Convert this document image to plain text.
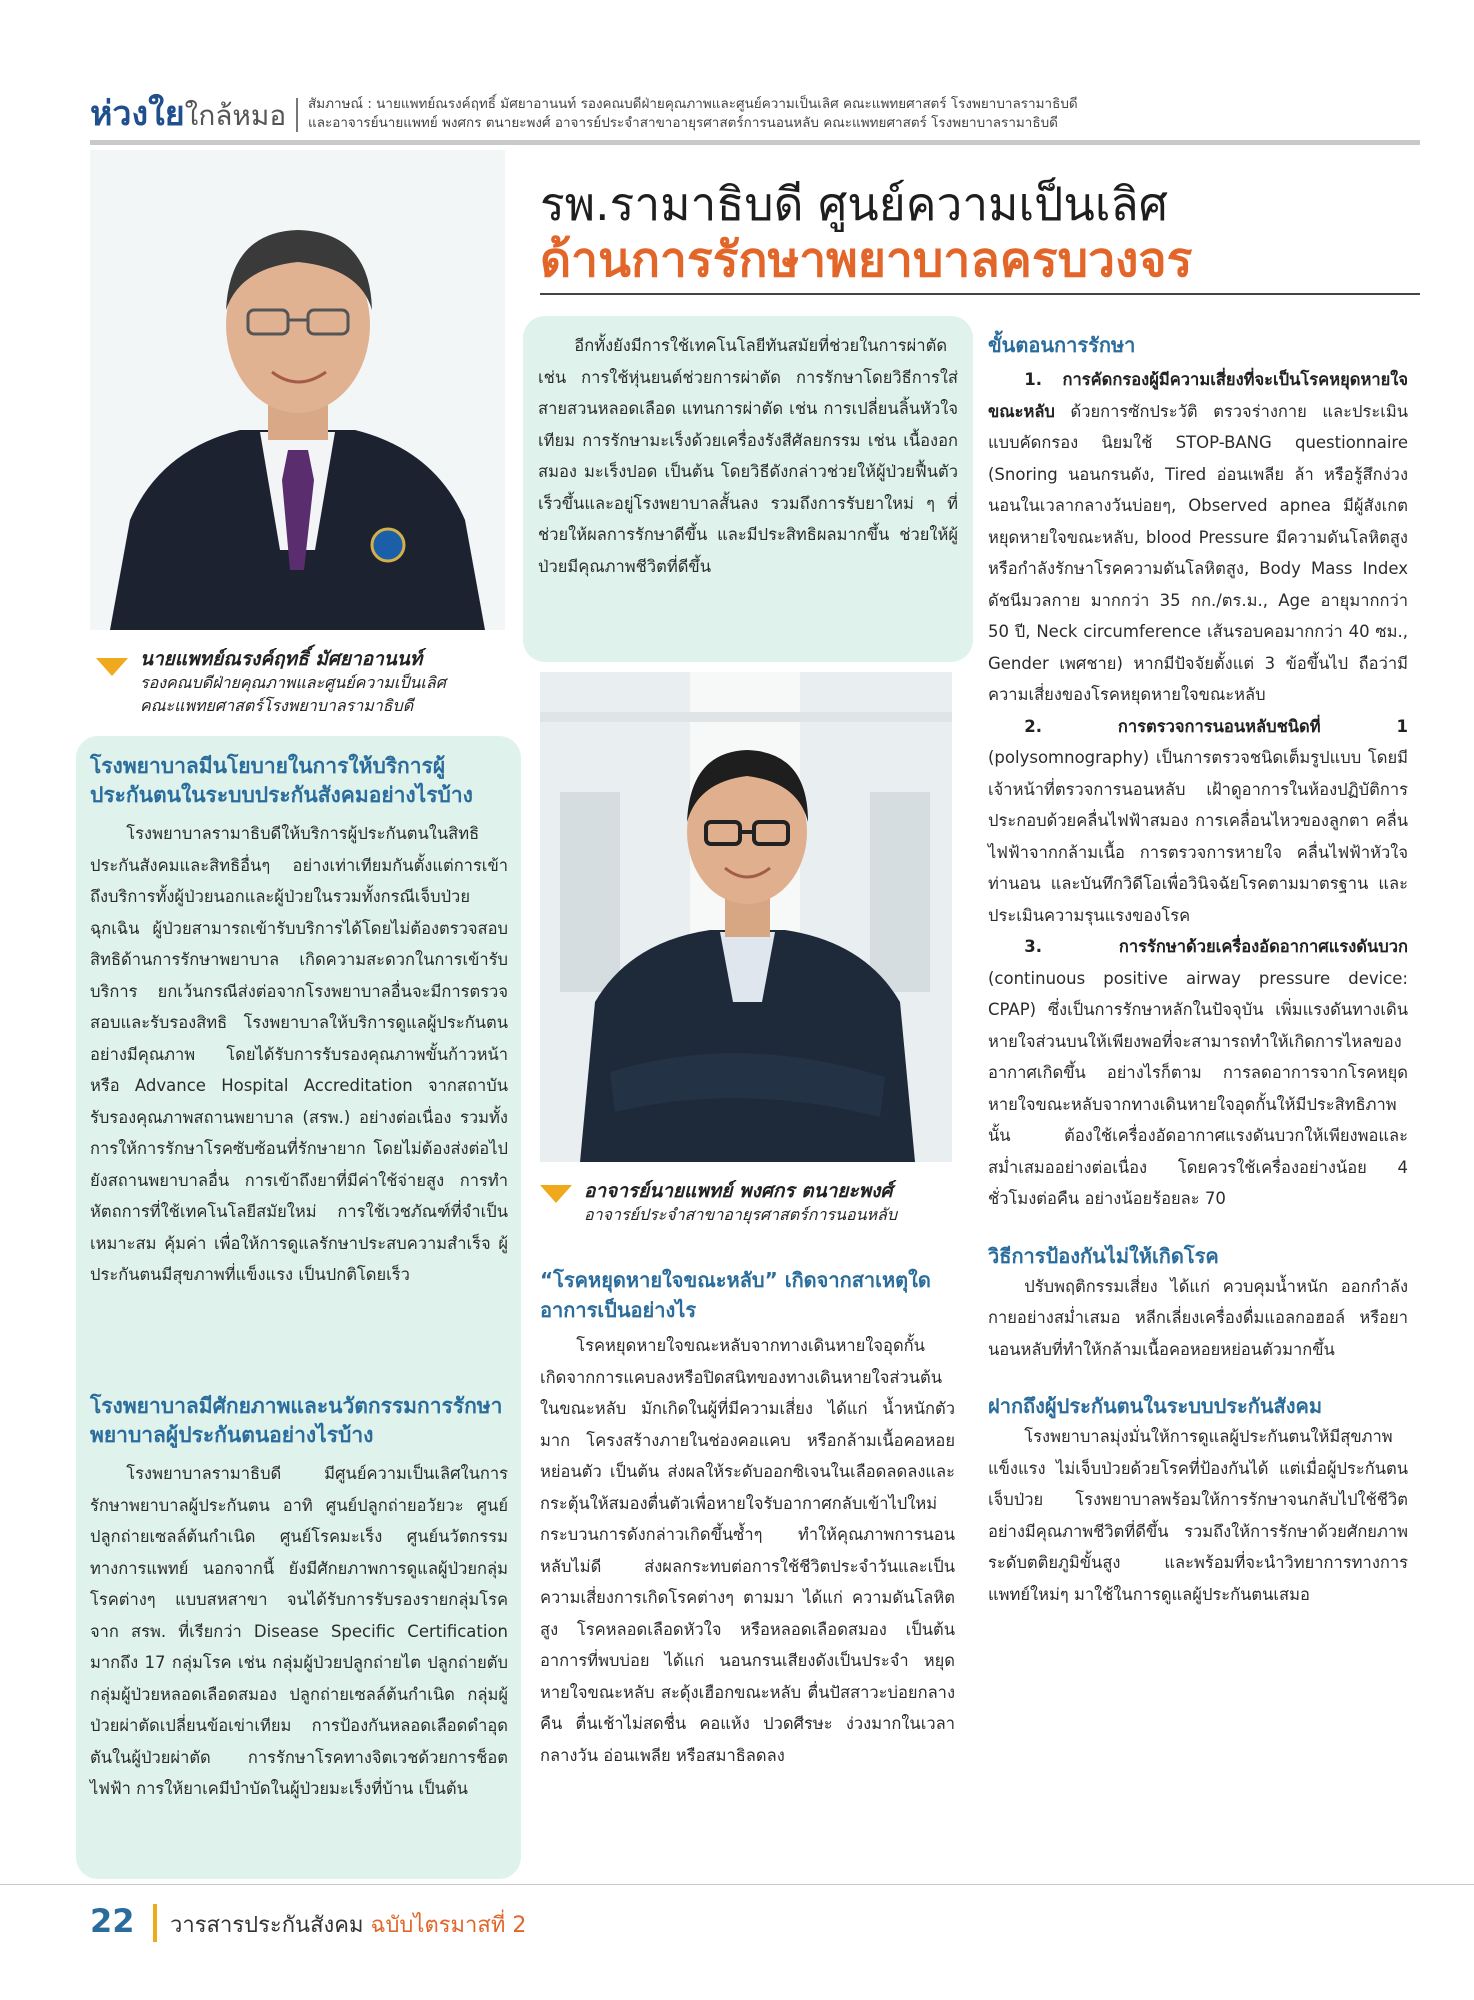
ห่วงใยใกล้หมอ สัมภาษณ์ : นายแพทย์ณรงค์ฤทธิ์ มัศยาอานนท์ รองคณบดีฝ่ายคุณภาพและศูนย์ความเป็นเลิศ คณะแพทยศาสตร์ โรงพยาบาลรามาธิบดี
และอาจารย์นายแพทย์ พงศกร ตนายะพงศ์ อาจารย์ประจำสาขาอายุรศาสตร์การนอนหลับ คณะแพทยศาสตร์ โรงพยาบาลรามาธิบดี
นายแพทย์ณรงค์ฤทธิ์ มัศยาอานนท์
รองคณบดีฝ่ายคุณภาพและศูนย์ความเป็นเลิศ
คณะแพทยศาสตร์โรงพยาบาลรามาธิบดี
รพ.รามาธิบดี ศูนย์ความเป็นเลิศ
ด้านการรักษาพยาบาลครบวงจร

อีกทั้งยังมีการใช้เทคโนโลยีทันสมัยที่ช่วยในการผ่าตัด เช่น การใช้หุ่นยนต์ช่วยการผ่าตัด การรักษาโดยวิธีการใส่สายสวนหลอดเลือด แทนการผ่าตัด เช่น การเปลี่ยนลิ้นหัวใจเทียม การรักษามะเร็งด้วยเครื่องรังสีศัลยกรรม เช่น เนื้องอกสมอง มะเร็งปอด เป็นต้น โดยวิธีดังกล่าวช่วยให้ผู้ป่วยฟื้นตัวเร็วขึ้นและอยู่โรงพยาบาลสั้นลง รวมถึงการรับยาใหม่ ๆ ที่ช่วยให้ผลการรักษาดีขึ้น และมีประสิทธิผลมากขึ้น ช่วยให้ผู้ป่วยมีคุณภาพชีวิตที่ดีขึ้น

อาจารย์นายแพทย์ พงศกร ตนายะพงศ์
อาจารย์ประจำสาขาอายุรศาสตร์การนอนหลับ
“โรคหยุดหายใจขณะหลับ” เกิดจากสาเหตุใด อาการเป็นอย่างไร

โรคหยุดหายใจขณะหลับจากทางเดินหายใจอุดกั้น เกิดจากการแคบลงหรือปิดสนิทของทางเดินหายใจส่วนต้นในขณะหลับ มักเกิดในผู้ที่มีความเสี่ยง ได้แก่ น้ำหนักตัวมาก โครงสร้างภายในช่องคอแคบ หรือกล้ามเนื้อคอหอยหย่อนตัว เป็นต้น ส่งผลให้ระดับออกซิเจนในเลือดลดลงและกระตุ้นให้สมองตื่นตัวเพื่อหายใจรับอากาศกลับเข้าไปใหม่ กระบวนการดังกล่าวเกิดขึ้นซ้ำๆ ทำให้คุณภาพการนอนหลับไม่ดี ส่งผลกระทบต่อการใช้ชีวิตประจำวันและเป็นความเสี่ยงการเกิดโรคต่างๆ ตามมา ได้แก่ ความดันโลหิตสูง โรคหลอดเลือดหัวใจ หรือหลอดเลือดสมอง เป็นต้น อาการที่พบบ่อย ได้แก่ นอนกรนเสียงดังเป็นประจำ หยุดหายใจขณะหลับ สะดุ้งเฮือกขณะหลับ ตื่นปัสสาวะบ่อยกลางคืน ตื่นเช้าไม่สดชื่น คอแห้ง ปวดศีรษะ ง่วงมากในเวลากลางวัน อ่อนเพลีย หรือสมาธิลดลง

โรงพยาบาลมีนโยบายในการให้บริการผู้ประกันตนในระบบประกันสังคมอย่างไรบ้าง

โรงพยาบาลรามาธิบดีให้บริการผู้ประกันตนในสิทธิประกันสังคมและสิทธิอื่นๆ อย่างเท่าเทียมกันตั้งแต่การเข้าถึงบริการทั้งผู้ป่วยนอกและผู้ป่วยในรวมทั้งกรณีเจ็บป่วยฉุกเฉิน ผู้ป่วยสามารถเข้ารับบริการได้โดยไม่ต้องตรวจสอบสิทธิด้านการรักษาพยาบาล เกิดความสะดวกในการเข้ารับบริการ ยกเว้นกรณีส่งต่อจากโรงพยาบาลอื่นจะมีการตรวจสอบและรับรองสิทธิ โรงพยาบาลให้บริการดูแลผู้ประกันตนอย่างมีคุณภาพ โดยได้รับการรับรองคุณภาพขั้นก้าวหน้า หรือ Advance Hospital Accreditation จากสถาบันรับรองคุณภาพสถานพยาบาล (สรพ.) อย่างต่อเนื่อง รวมทั้งการให้การรักษาโรคซับซ้อนที่รักษายาก โดยไม่ต้องส่งต่อไปยังสถานพยาบาลอื่น การเข้าถึงยาที่มีค่าใช้จ่ายสูง การทำหัตถการที่ใช้เทคโนโลยีสมัยใหม่ การใช้เวชภัณฑ์ที่จำเป็น เหมาะสม คุ้มค่า เพื่อให้การดูแลรักษาประสบความสำเร็จ ผู้ประกันตนมีสุขภาพที่แข็งแรง เป็นปกติโดยเร็ว

โรงพยาบาลมีศักยภาพและนวัตกรรมการรักษาพยาบาลผู้ประกันตนอย่างไรบ้าง

โรงพยาบาลรามาธิบดี มีศูนย์ความเป็นเลิศในการรักษาพยาบาลผู้ประกันตน อาทิ ศูนย์ปลูกถ่ายอวัยวะ ศูนย์ปลูกถ่ายเซลล์ต้นกำเนิด ศูนย์โรคมะเร็ง ศูนย์นวัตกรรมทางการแพทย์ นอกจากนี้ ยังมีศักยภาพการดูแลผู้ป่วยกลุ่มโรคต่างๆ แบบสหสาขา จนได้รับการรับรองรายกลุ่มโรคจาก สรพ. ที่เรียกว่า Disease Specific Certification มากถึง 17 กลุ่มโรค เช่น กลุ่มผู้ป่วยปลูกถ่ายไต ปลูกถ่ายตับ กลุ่มผู้ป่วยหลอดเลือดสมอง ปลูกถ่ายเซลล์ต้นกำเนิด กลุ่มผู้ป่วยผ่าตัดเปลี่ยนข้อเข่าเทียม การป้องกันหลอดเลือดดำอุดตันในผู้ป่วยผ่าตัด การรักษาโรคทางจิตเวชด้วยการช็อตไฟฟ้า การให้ยาเคมีบำบัดในผู้ป่วยมะเร็งที่บ้าน เป็นต้น

ขั้นตอนการรักษา

1. การคัดกรองผู้มีความเสี่ยงที่จะเป็นโรคหยุดหายใจขณะหลับ ด้วยการซักประวัติ ตรวจร่างกาย และประเมินแบบคัดกรอง นิยมใช้ STOP-BANG questionnaire (Snoring นอนกรนดัง, Tired อ่อนเพลีย ล้า หรือรู้สึกง่วงนอนในเวลากลางวันบ่อยๆ, Observed apnea มีผู้สังเกตหยุดหายใจขณะหลับ, blood Pressure มีความดันโลหิตสูง หรือกำลังรักษาโรคความดันโลหิตสูง, Body Mass Index ดัชนีมวลกาย มากกว่า 35 กก./ตร.ม., Age อายุมากกว่า 50 ปี, Neck circumference เส้นรอบคอมากกว่า 40 ซม., Gender เพศชาย) หากมีปัจจัยตั้งแต่ 3 ข้อขึ้นไป ถือว่ามีความเสี่ยงของโรคหยุดหายใจขณะหลับ

2. การตรวจการนอนหลับชนิดที่ 1 (polysomnography) เป็นการตรวจชนิดเต็มรูปแบบ โดยมีเจ้าหน้าที่ตรวจการนอนหลับ เฝ้าดูอาการในห้องปฏิบัติการ ประกอบด้วยคลื่นไฟฟ้าสมอง การเคลื่อนไหวของลูกตา คลื่นไฟฟ้าจากกล้ามเนื้อ การตรวจการหายใจ คลื่นไฟฟ้าหัวใจ ท่านอน และบันทึกวิดีโอเพื่อวินิจฉัยโรคตามมาตรฐาน และประเมินความรุนแรงของโรค

3. การรักษาด้วยเครื่องอัดอากาศแรงดันบวก (continuous positive airway pressure device: CPAP) ซึ่งเป็นการรักษาหลักในปัจจุบัน เพิ่มแรงดันทางเดินหายใจส่วนบนให้เพียงพอที่จะสามารถทำให้เกิดการไหลของอากาศเกิดขึ้น อย่างไรก็ตาม การลดอาการจากโรคหยุดหายใจขณะหลับจากทางเดินหายใจอุดกั้นให้มีประสิทธิภาพนั้น ต้องใช้เครื่องอัดอากาศแรงดันบวกให้เพียงพอและสม่ำเสมออย่างต่อเนื่อง โดยควรใช้เครื่องอย่างน้อย 4 ชั่วโมงต่อคืน อย่างน้อยร้อยละ 70

วิธีการป้องกันไม่ให้เกิดโรค

ปรับพฤติกรรมเสี่ยง ได้แก่ ควบคุมน้ำหนัก ออกกำลังกายอย่างสม่ำเสมอ หลีกเลี่ยงเครื่องดื่มแอลกอฮอล์ หรือยานอนหลับที่ทำให้กล้ามเนื้อคอหอยหย่อนตัวมากขึ้น

ฝากถึงผู้ประกันตนในระบบประกันสังคม

โรงพยาบาลมุ่งมั่นให้การดูแลผู้ประกันตนให้มีสุขภาพแข็งแรง ไม่เจ็บป่วยด้วยโรคที่ป้องกันได้ แต่เมื่อผู้ประกันตนเจ็บป่วย โรงพยาบาลพร้อมให้การรักษาจนกลับไปใช้ชีวิตอย่างมีคุณภาพชีวิตที่ดีขึ้น รวมถึงให้การรักษาด้วยศักยภาพระดับตติยภูมิขั้นสูง และพร้อมที่จะนำวิทยาการทางการแพทย์ใหม่ๆ มาใช้ในการดูแลผู้ประกันตนเสมอ

22 วารสารประกันสังคม ฉบับไตรมาสที่ 2
